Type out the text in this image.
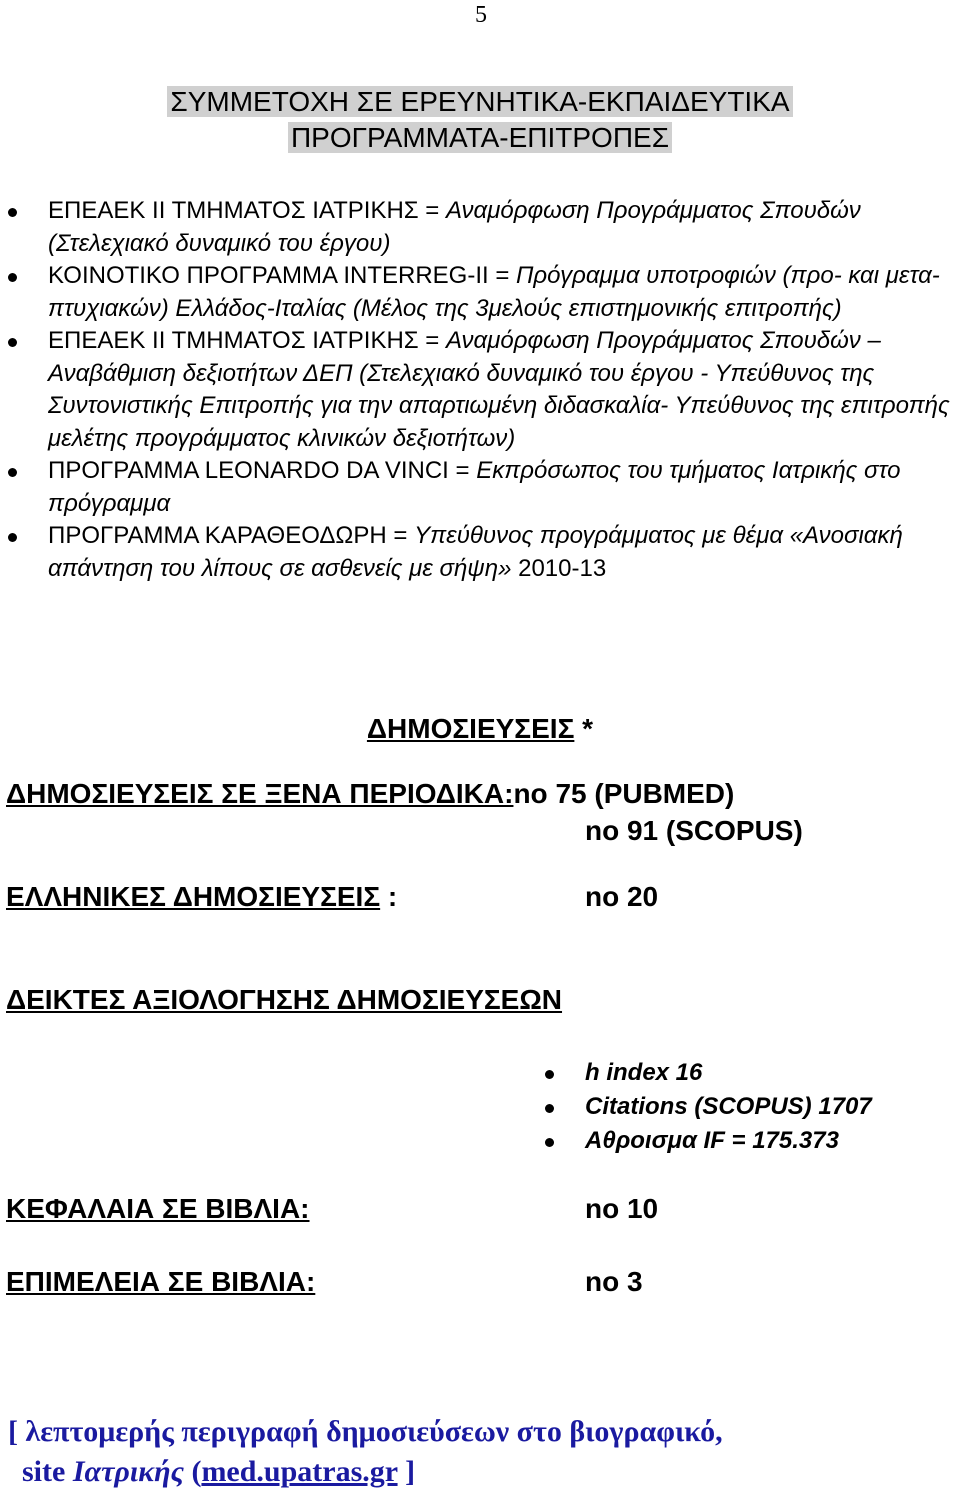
5
ΣΥΜΜΕΤΟΧΗ ΣΕ ΕΡΕΥΝΗΤΙΚΑ-ΕΚΠΑΙΔΕΥΤΙΚΑ
ΠΡΟΓΡΑΜΜΑΤΑ-ΕΠΙΤΡΟΠΕΣ
ΕΠΕΑΕΚ ΙΙ ΤΜΗΜΑΤΟΣ ΙΑΤΡΙΚΗΣ = Αναμόρφωση Προγράμματος Σπουδών (Στελεχιακό δυναμικό του έργου)
ΚΟΙΝΟΤΙΚΟ ΠΡΟΓΡΑΜΜΑ INTERREG-II = Πρόγραμμα υποτροφιών (προ- και μετα-πτυχιακών) Ελλάδος-Ιταλίας (Μέλος της 3μελούς επιστημονικής επιτροπής)
ΕΠΕΑΕΚ ΙΙ ΤΜΗΜΑΤΟΣ ΙΑΤΡΙΚΗΣ = Αναμόρφωση Προγράμματος Σπουδών – Αναβάθμιση δεξιοτήτων ΔΕΠ (Στελεχιακό δυναμικό του έργου - Υπεύθυνος της Συντονιστικής Επιτροπής για την απαρτιωμένη διδασκαλία- Υπεύθυνος της επιτροπής μελέτης προγράμματος κλινικών δεξιοτήτων)
ΠΡΟΓΡΑΜΜΑ LEONARDO DA VINCI = Εκπρόσωπος του τμήματος Ιατρικής στο πρόγραμμα
ΠΡΟΓΡΑΜΜΑ ΚΑΡΑΘΕΟΔΩΡΗ = Υπεύθυνος προγράμματος με θέμα «Ανοσιακή απάντηση του λίπους σε ασθενείς με σήψη» 2010-13
ΔΗΜΟΣΙΕΥΣΕΙΣ *
ΔΗΜΟΣΙΕΥΣΕΙΣ ΣΕ ΞΕΝΑ ΠΕΡΙΟΔΙΚΑ:no 75 (PUBMED)
no 91 (SCOPUS)
ΕΛΛΗΝΙΚΕΣ ΔΗΜΟΣΙΕΥΣΕΙΣ :	no 20
ΔΕΙΚΤΕΣ ΑΞΙΟΛΟΓΗΣΗΣ ΔΗΜΟΣΙΕΥΣΕΩΝ
h index 16
Citations (SCOPUS) 1707
Αθροισμα IF = 175.373
ΚΕΦΑΛΑΙΑ ΣΕ ΒΙΒΛΙΑ:	no 10
ΕΠΙΜΕΛΕΙΑ ΣΕ ΒΙΒΛΙΑ:	no 3
[ λεπτομερής περιγραφή δημοσιεύσεων στο βιογραφικό,
site Ιατρικής (med.upatras.gr ]
